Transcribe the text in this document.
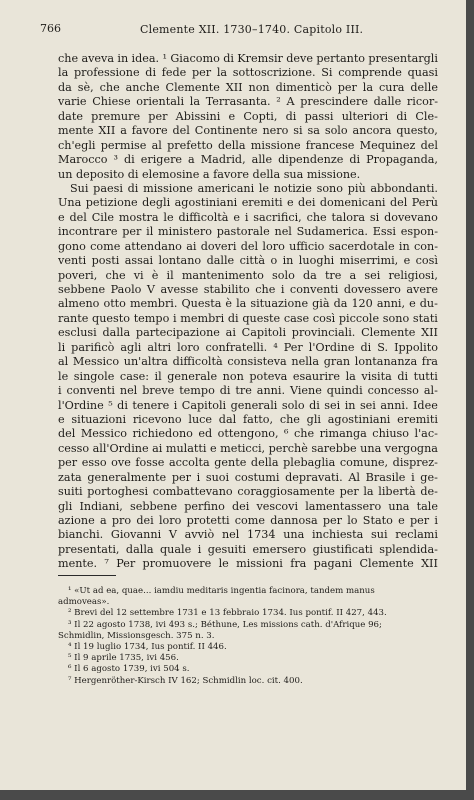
766	Clemente XII. 1730–1740. Capitolo III.
che aveva in idea. ¹ Giacomo di Kremsir deve pertanto presentargli
la professione di fede per la sottoscrizione. Si comprende quasi
da sè, che anche Clemente XII non dimenticò per la cura delle
varie Chiese orientali la Terrasanta. ² A prescindere dalle ricor-
date premure per Abissini e Copti, di passi ulteriori di Cle-
mente XII a favore del Continente nero si sa solo ancora questo,
ch'egli permise al prefetto della missione francese Mequinez del
Marocco ³ di erigere a Madrid, alle dipendenze di Propaganda,
un deposito di elemosine a favore della sua missione.
Sui paesi di missione americani le notizie sono più abbondanti.
Una petizione degli agostiniani eremiti e dei domenicani del Perù
e del Cile mostra le difficoltà e i sacrifici, che talora si dovevano
incontrare per il ministero pastorale nel Sudamerica. Essi espon-
gono come attendano ai doveri del loro ufficio sacerdotale in con-
venti posti assai lontano dalle città o in luoghi miserrimi, e così
poveri, che vi è il mantenimento solo da tre a sei religiosi,
sebbene Paolo V avesse stabilito che i conventi dovessero avere
almeno otto membri. Questa è la situazione già da 120 anni, e du-
rante questo tempo i membri di queste case così piccole sono stati
esclusi dalla partecipazione ai Capitoli provinciali. Clemente XII
li parificò agli altri loro confratelli. ⁴ Per l'Ordine di S. Ippolito
al Messico un'altra difficoltà consisteva nella gran lontananza fra
le singole case: il generale non poteva esaurire la visita di tutti
i conventi nel breve tempo di tre anni. Viene quindi concesso al-
l'Ordine ⁵ di tenere i Capitoli generali solo di sei in sei anni. Idee
e situazioni ricevono luce dal fatto, che gli agostiniani eremiti
del Messico richiedono ed ottengono, ⁶ che rimanga chiuso l'ac-
cesso all'Ordine ai mulatti e meticci, perchè sarebbe una vergogna
per esso ove fosse accolta gente della plebaglia comune, disprez-
zata generalmente per i suoi costumi depravati. Al Brasile i ge-
suiti portoghesi combattevano coraggiosamente per la libertà de-
gli Indiani, sebbene perfino dei vescovi lamentassero una tale
azione a pro dei loro protetti come dannosa per lo Stato e per i
bianchi. Giovanni V avviò nel 1734 una inchiesta sui reclami
presentati, dalla quale i gesuiti emersero giustificati splendida-
mente. ⁷ Per promuovere le missioni fra pagani Clemente XII
¹ «Ut ad ea, quae... iamdiu meditaris ingentia facinora, tandem manus
admoveas».
² Brevi del 12 settembre 1731 e 13 febbraio 1734. Ius pontif. II 427, 443.
³ Il 22 agosto 1738, ivi 493 s.; Béthune, Les missions cath. d'Afrique 96;
Schmidlin, Missionsgesch. 375 n. 3.
⁴ Il 19 luglio 1734, Ius pontif. II 446.
⁵ Il 9 aprile 1735, ivi 456.
⁶ Il 6 agosto 1739, ivi 504 s.
⁷ Hergenröther-Kirsch IV 162; Schmidlin loc. cit. 400.
